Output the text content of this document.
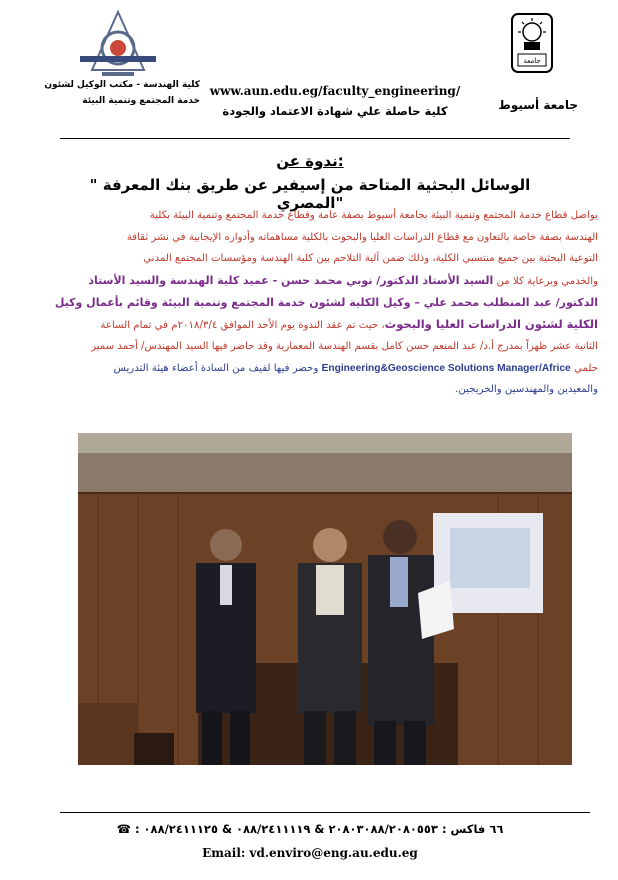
جامعة
جامعة أسيوط
www.aun.edu.eg/faculty_engineering/
كلية حاصلة علي شهادة الاعتماد والجودة
كلية الهندسة - مكتب الوكيل لشئون
خدمة المجتمع وتنمية البيئة
ندوة عن:
" الوسائل البحثية المتاحة من إسيفير عن طريق بنك المعرفة المصري"
يواصل قطاع خدمة المجتمع وتنمية البيئة بجامعة أسيوط بصفة عامة وقطاع خدمة المجتمع وتنمية البيئة بكلية
الهندسة بصفة خاصة بالتعاون مع قطاع الدراسات العليا والبحوث بالكلية مساهماته وأدواره الإيجابية في نشر ثقافة
التوعية البحثية بين جميع منتسبي الكلية، وذلك ضمن آلية التلاحم بين كلية الهندسة ومؤسسات المجتمع المدني
والخدمي وبرعاية كلا من السيد الأستاذ الدكتور/ نوبي محمد حسن - عميد كلية الهندسة والسيد الأستاذ
الدكتور/ عبد المنطلب محمد علي – وكيل الكلية لشئون خدمة المجتمع وتنمية البيئة وقائم بأعمال وكيل
الكلية لشئون الدراسات العليا والبحوث، حيث تم عقد الندوة يوم الأحد الموافق ٢٠١٨/٣/٤م في تمام الساعة
الثانية عشر ظهراً بمدرج أ.د/ عبد المنعم حسن كامل بقسم الهندسة المعمارية وقد حاضر فيها السيد المهندس/ أحمد سمير
حلمي Engineering&Geoscience Solutions Manager/Africe وحضر فيها لفيف من السادة أعضاء هيئة التدريس
والمعيدين والمهندسين والخريجين.
☎ : ۰۸۸/۲٤۱۱۱۲٥ & ۰۸۸/۲٤۱۱۱۱۹ & ۲۰۸۰۳٦٦ فاكس : ۰۸۸/۲۰۸۰٥٥۳
Email: vd.enviro@eng.au.edu.eg
